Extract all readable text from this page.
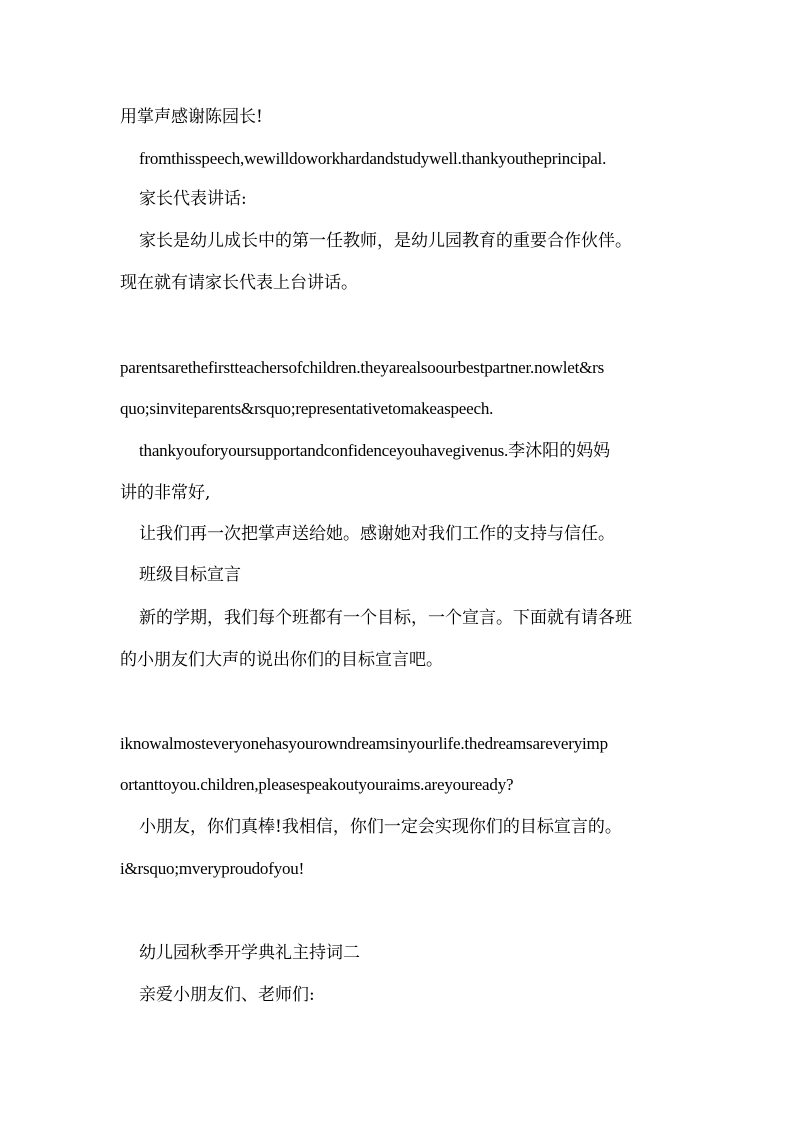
用掌声感谢陈园长!
fromthisspeech,wewilldoworkhardandstudywell.thankyoutheprincipal.
家长代表讲话:
家长是幼儿成长中的第一任教师，是幼儿园教育的重要合作伙伴。
现在就有请家长代表上台讲话。
parentsarethefirstteachersofchildren.theyarealsoourbestpartner.nowlet&rs
quo;sinviteparents&rsquo;representativetomakeaspeech.
thankyouforyoursupportandconfidenceyouhavegivenus.李沐阳的妈妈
讲的非常好,
让我们再一次把掌声送给她。感谢她对我们工作的支持与信任。
班级目标宣言
新的学期，我们每个班都有一个目标，一个宣言。下面就有请各班
的小朋友们大声的说出你们的目标宣言吧。
iknowalmosteveryonehasyourowndreamsinyourlife.thedreamsareveryimp
ortanttoyou.children,pleasespeakoutyouraims.areyouready?
小朋友，你们真棒!我相信，你们一定会实现你们的目标宣言的。
i&rsquo;mveryproudofyou!
幼儿园秋季开学典礼主持词二
亲爱小朋友们、老师们:
